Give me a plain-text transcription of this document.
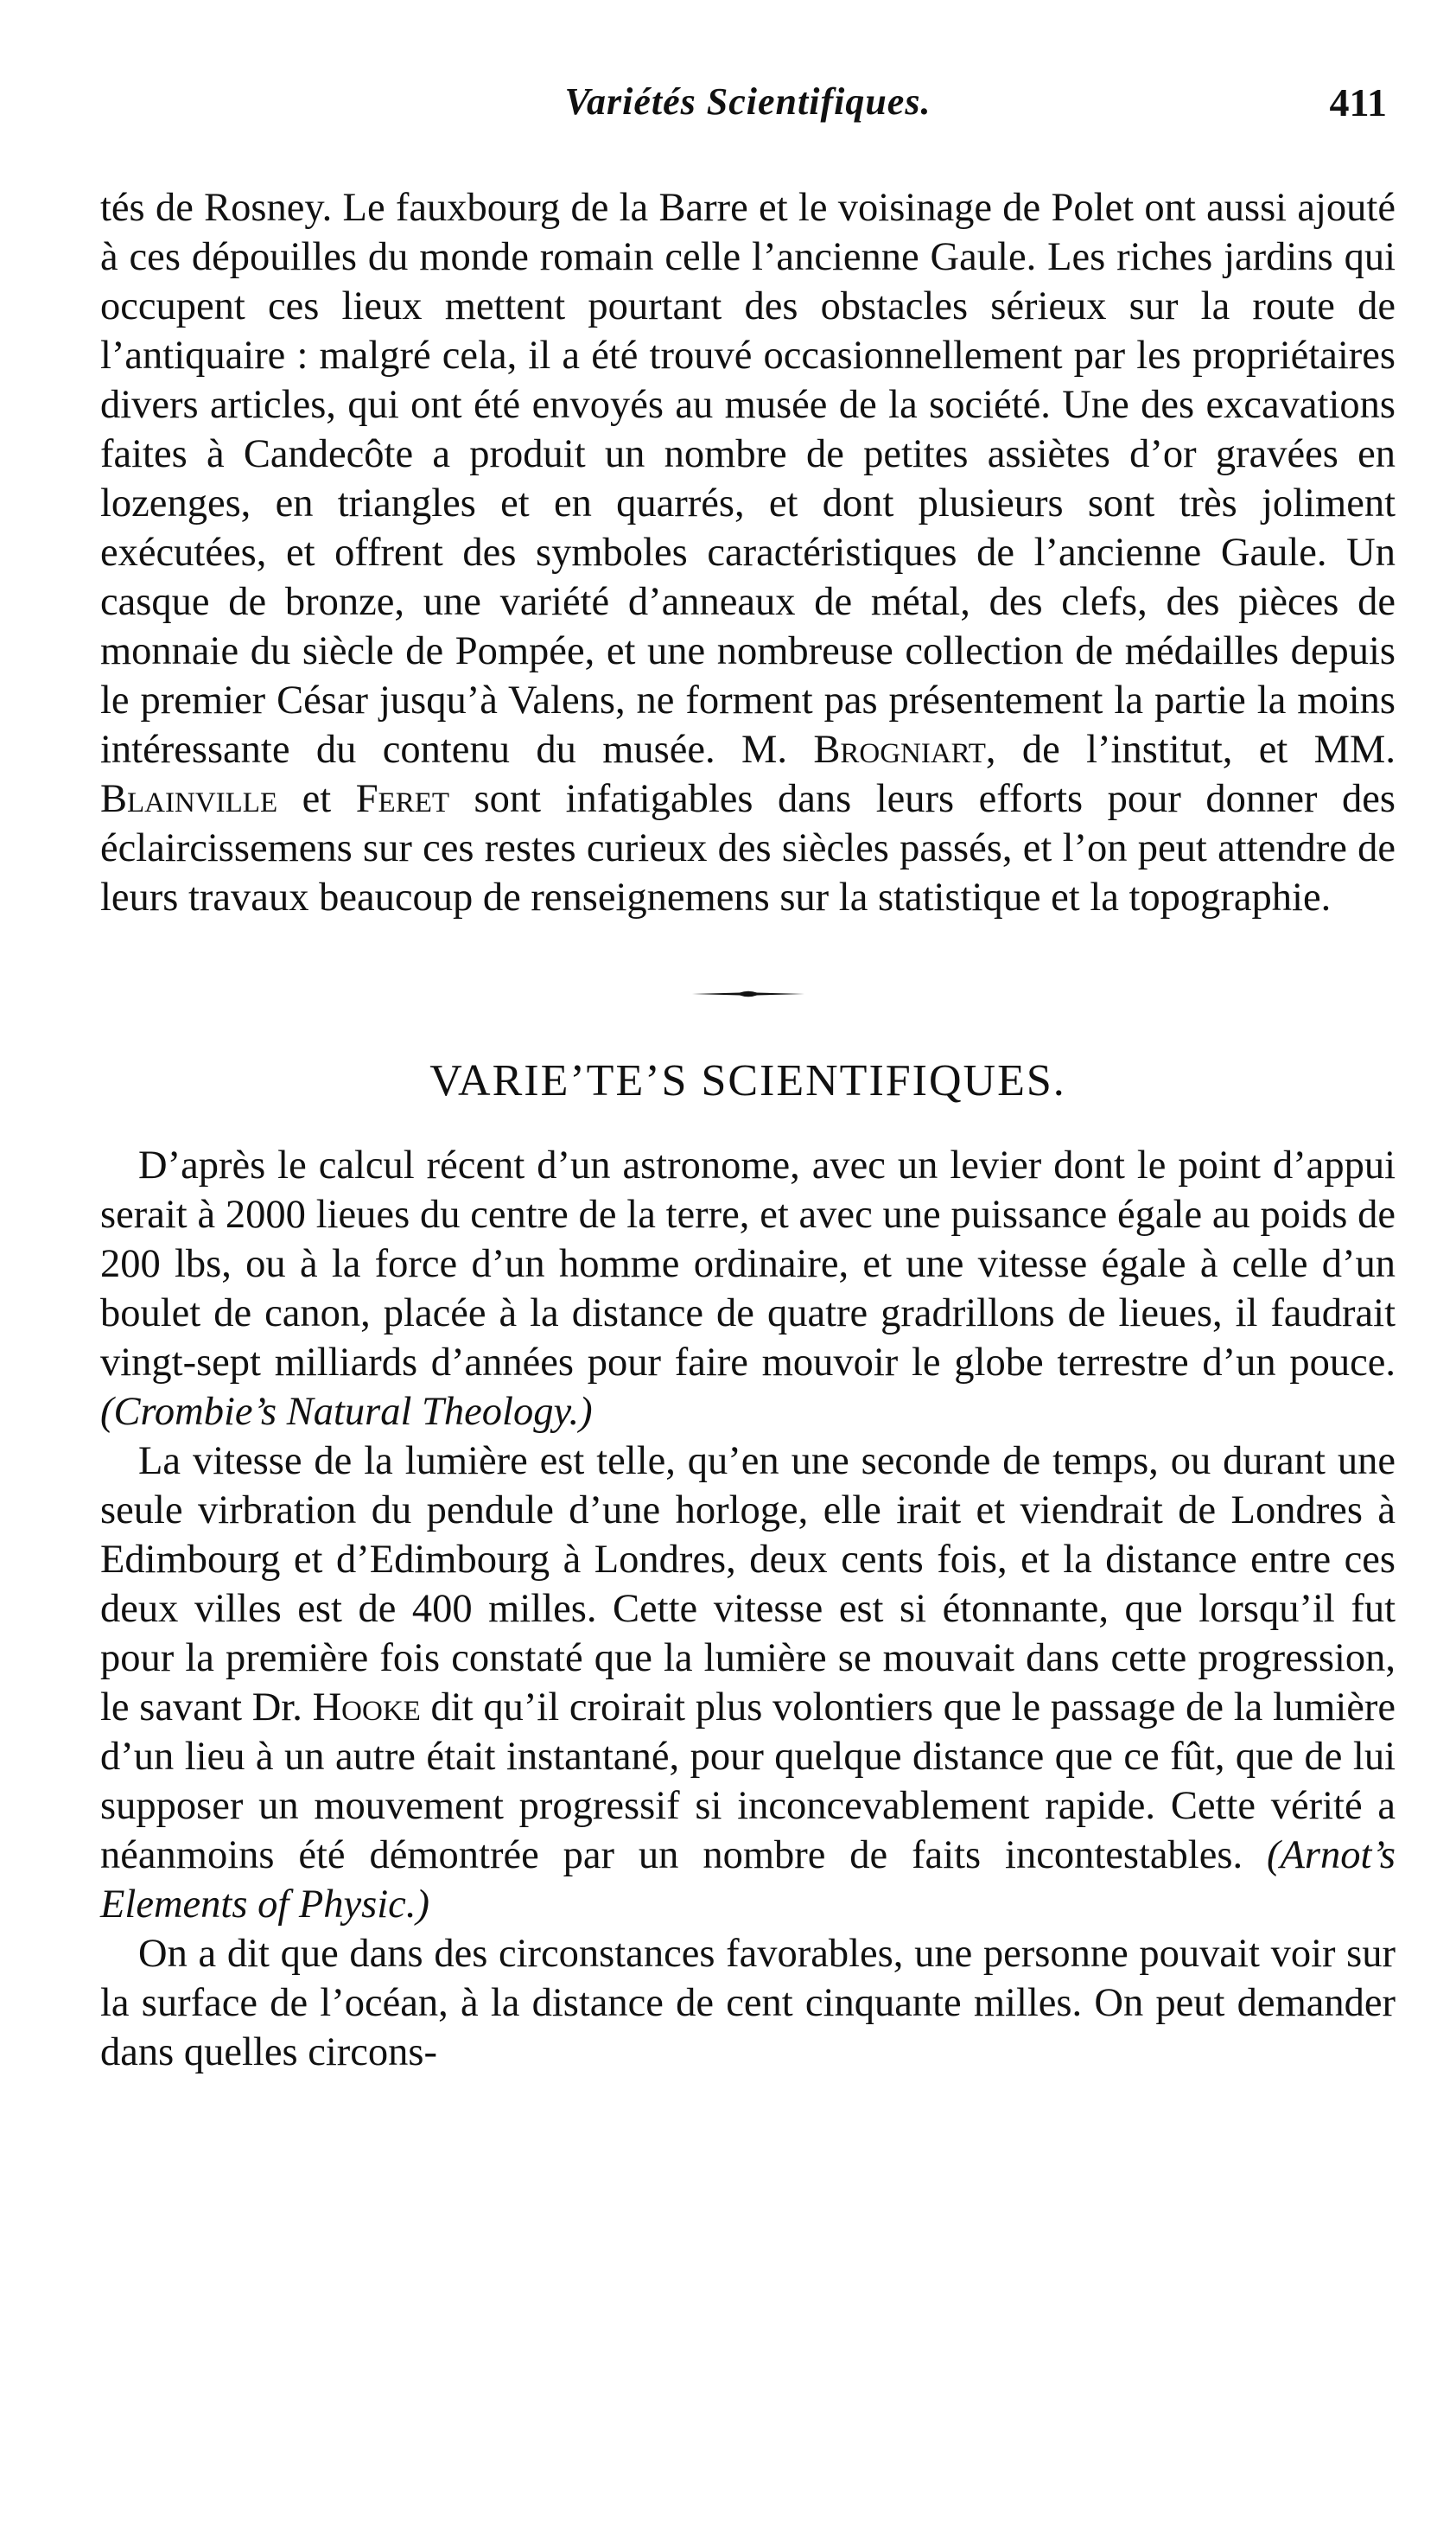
Variétés Scientifiques.	411

tés de Rosney. Le fauxbourg de la Barre et le voisinage de Polet ont aussi ajouté à ces dépouilles du monde romain celle l’ancienne Gaule. Les riches jardins qui occupent ces lieux mettent pourtant des obstacles sérieux sur la route de l’antiquaire : malgré cela, il a été trouvé occasionnellement par les propriétaires divers articles, qui ont été envoyés au musée de la société. Une des excavations faites à Candecôte a produit un nombre de petites assiètes d’or gravées en lozenges, en triangles et en quarrés, et dont plusieurs sont très joliment exécutées, et offrent des symboles caractéristiques de l’ancienne Gaule. Un casque de bronze, une variété d’anneaux de métal, des clefs, des pièces de monnaie du siècle de Pompée, et une nombreuse collection de médailles depuis le premier César jusqu’à Valens, ne forment pas présentement la partie la moins intéressante du contenu du musée. M. Brogniart, de l’institut, et MM. Blainville et Feret sont infatigables dans leurs efforts pour donner des éclaircissemens sur ces restes curieux des siècles passés, et l’on peut attendre de leurs travaux beaucoup de renseignemens sur la statistique et la topographie.

VARIE’TE’S SCIENTIFIQUES.

D’après le calcul récent d’un astronome, avec un levier dont le point d’appui serait à 2000 lieues du centre de la terre, et avec une puissance égale au poids de 200 lbs, ou à la force d’un homme ordinaire, et une vitesse égale à celle d’un boulet de canon, placée à la distance de quatre gradrillons de lieues, il faudrait vingt-sept milliards d’années pour faire mouvoir le globe terrestre d’un pouce. (Crombie’s Natural Theology.)

La vitesse de la lumière est telle, qu’en une seconde de temps, ou durant une seule virbration du pendule d’une horloge, elle irait et viendrait de Londres à Edimbourg et d’Edimbourg à Londres, deux cents fois, et la distance entre ces deux villes est de 400 milles. Cette vitesse est si étonnante, que lorsqu’il fut pour la première fois constaté que la lumière se mouvait dans cette progression, le savant Dr. Hooke dit qu’il croirait plus volontiers que le passage de la lumière d’un lieu à un autre était instantané, pour quelque distance que ce fût, que de lui supposer un mouvement progressif si inconcevablement rapide. Cette vérité a néanmoins été démontrée par un nombre de faits incontestables. (Arnot’s Elements of Physic.)

On a dit que dans des circonstances favorables, une personne pouvait voir sur la surface de l’océan, à la distance de cent cinquante milles. On peut demander dans quelles circons-
